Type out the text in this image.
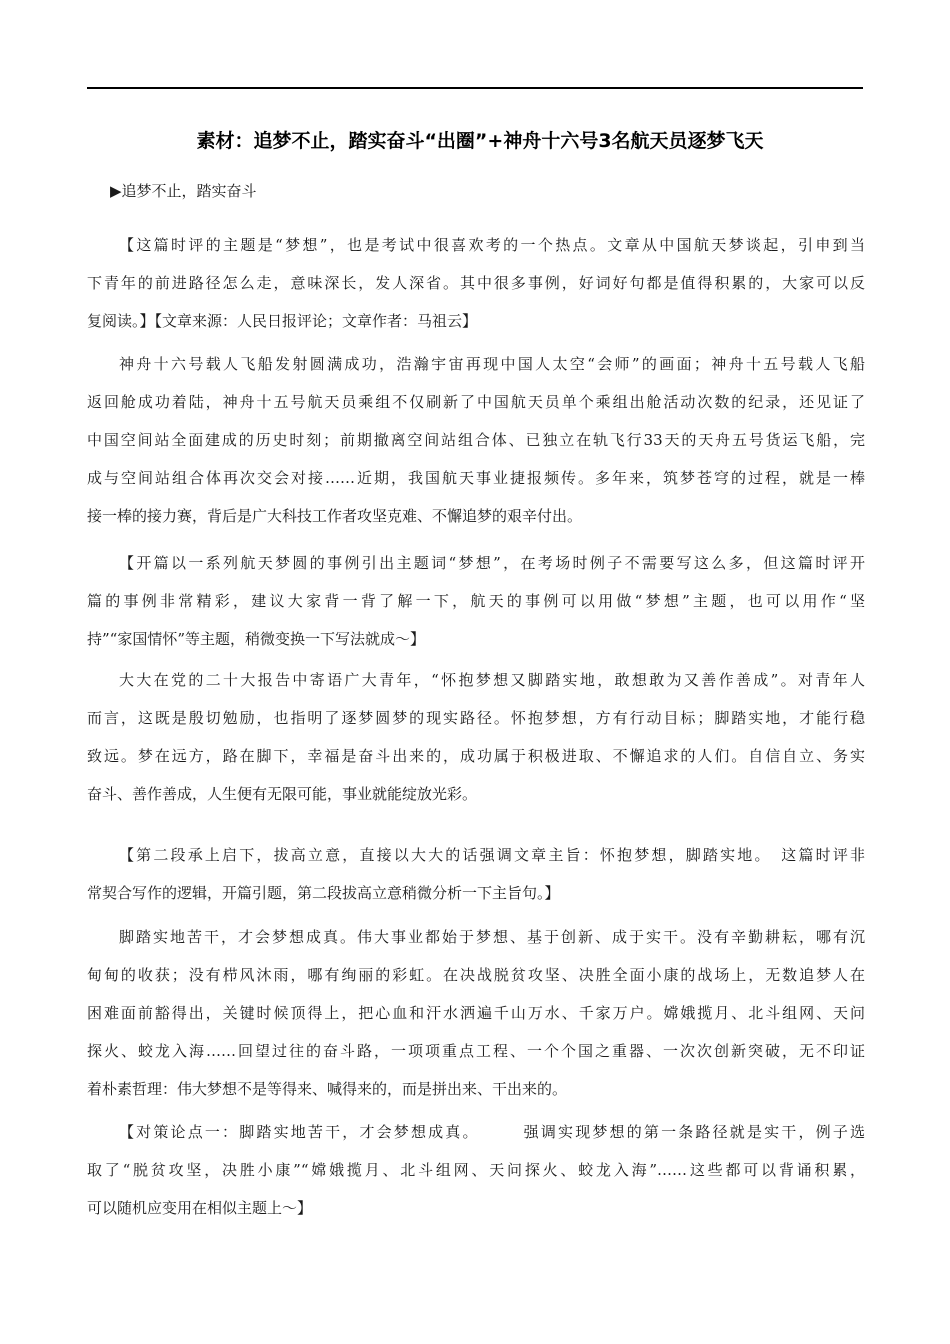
素材：追梦不止，踏实奋斗“出圈”+神舟十六号3名航天员逐梦飞天
▶追梦不止，踏实奋斗
【这篇时评的主题是“梦想”，也是考试中很喜欢考的一个热点。文章从中国航天梦谈起，引申到当
下青年的前进路径怎么走，意味深长，发人深省。其中很多事例，好词好句都是值得积累的，大家可以反
复阅读。】【文章来源：人民日报评论；文章作者：马祖云】
神舟十六号载人飞船发射圆满成功，浩瀚宇宙再现中国人太空“会师”的画面；神舟十五号载人飞船
返回舱成功着陆，神舟十五号航天员乘组不仅刷新了中国航天员单个乘组出舱活动次数的纪录，还见证了
中国空间站全面建成的历史时刻；前期撤离空间站组合体、已独立在轨飞行33天的天舟五号货运飞船，完
成与空间站组合体再次交会对接……近期，我国航天事业捷报频传。多年来，筑梦苍穹的过程，就是一棒
接一棒的接力赛，背后是广大科技工作者攻坚克难、不懈追梦的艰辛付出。
【开篇以一系列航天梦圆的事例引出主题词“梦想”，在考场时例子不需要写这么多，但这篇时评开
篇的事例非常精彩，建议大家背一背了解一下，航天的事例可以用做“梦想”主题，也可以用作“坚
持”“家国情怀”等主题，稍微变换一下写法就成～】
大大在党的二十大报告中寄语广大青年，“怀抱梦想又脚踏实地，敢想敢为又善作善成”。对青年人
而言，这既是殷切勉励，也指明了逐梦圆梦的现实路径。怀抱梦想，方有行动目标；脚踏实地，才能行稳
致远。梦在远方，路在脚下，幸福是奋斗出来的，成功属于积极进取、不懈追求的人们。自信自立、务实
奋斗、善作善成，人生便有无限可能，事业就能绽放光彩。
【第二段承上启下，拔高立意，直接以大大的话强调文章主旨：怀抱梦想，脚踏实地。　这篇时评非
常契合写作的逻辑，开篇引题，第二段拔高立意稍微分析一下主旨句。】
脚踏实地苦干，才会梦想成真。伟大事业都始于梦想、基于创新、成于实干。没有辛勤耕耘，哪有沉
甸甸的收获；没有栉风沐雨，哪有绚丽的彩虹。在决战脱贫攻坚、决胜全面小康的战场上，无数追梦人在
困难面前豁得出，关键时候顶得上，把心血和汗水洒遍千山万水、千家万户。嫦娥揽月、北斗组网、天问
探火、蛟龙入海……回望过往的奋斗路，一项项重点工程、一个个国之重器、一次次创新突破，无不印证
着朴素哲理：伟大梦想不是等得来、喊得来的，而是拼出来、干出来的。
【对策论点一：脚踏实地苦干，才会梦想成真。　　　强调实现梦想的第一条路径就是实干，例子选
取了“脱贫攻坚，决胜小康”“嫦娥揽月、北斗组网、天问探火、蛟龙入海”……这些都可以背诵积累，
可以随机应变用在相似主题上～】
